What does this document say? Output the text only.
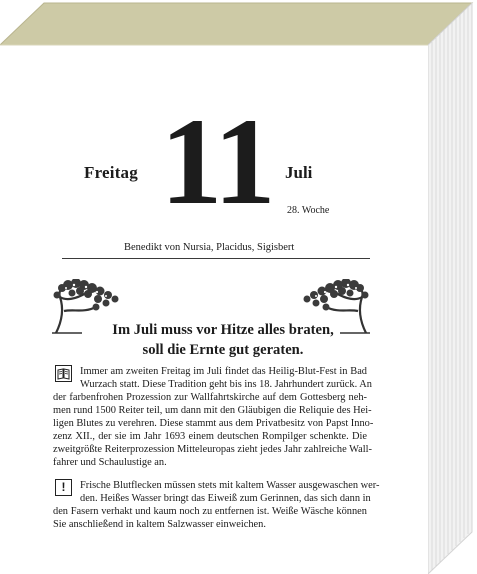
Freitag 11 Juli
28. Woche
Benedikt von Nursia, Placidus, Sigisbert
Im Juli muss vor Hitze alles braten,
soll die Ernte gut geraten.
Immer am zweiten Freitag im Juli findet das Heilig-Blut-Fest in Bad
Wurzach statt. Diese Tradition geht bis ins 18. Jahrhundert zurück. An
der farbenfrohen Prozession zur Wallfahrtskirche auf dem Gottesberg neh-
men rund 1500 Reiter teil, um dann mit den Gläubigen die Reliquie des Hei-
ligen Blutes zu verehren. Diese stammt aus dem Privatbesitz von Papst Inno-
zenz XII., der sie im Jahr 1693 einem deutschen Rompilger schenkte. Die
zweitgrößte Reiterprozession Mitteleuropas zieht jedes Jahr zahlreiche Wall-
fahrer und Schaulustige an.
!	Frische Blutflecken müssen stets mit kaltem Wasser ausgewaschen wer-
den. Heißes Wasser bringt das Eiweiß zum Gerinnen, das sich dann in
den Fasern verhakt und kaum noch zu entfernen ist. Weiße Wäsche können
Sie anschließend in kaltem Salzwasser einweichen.
